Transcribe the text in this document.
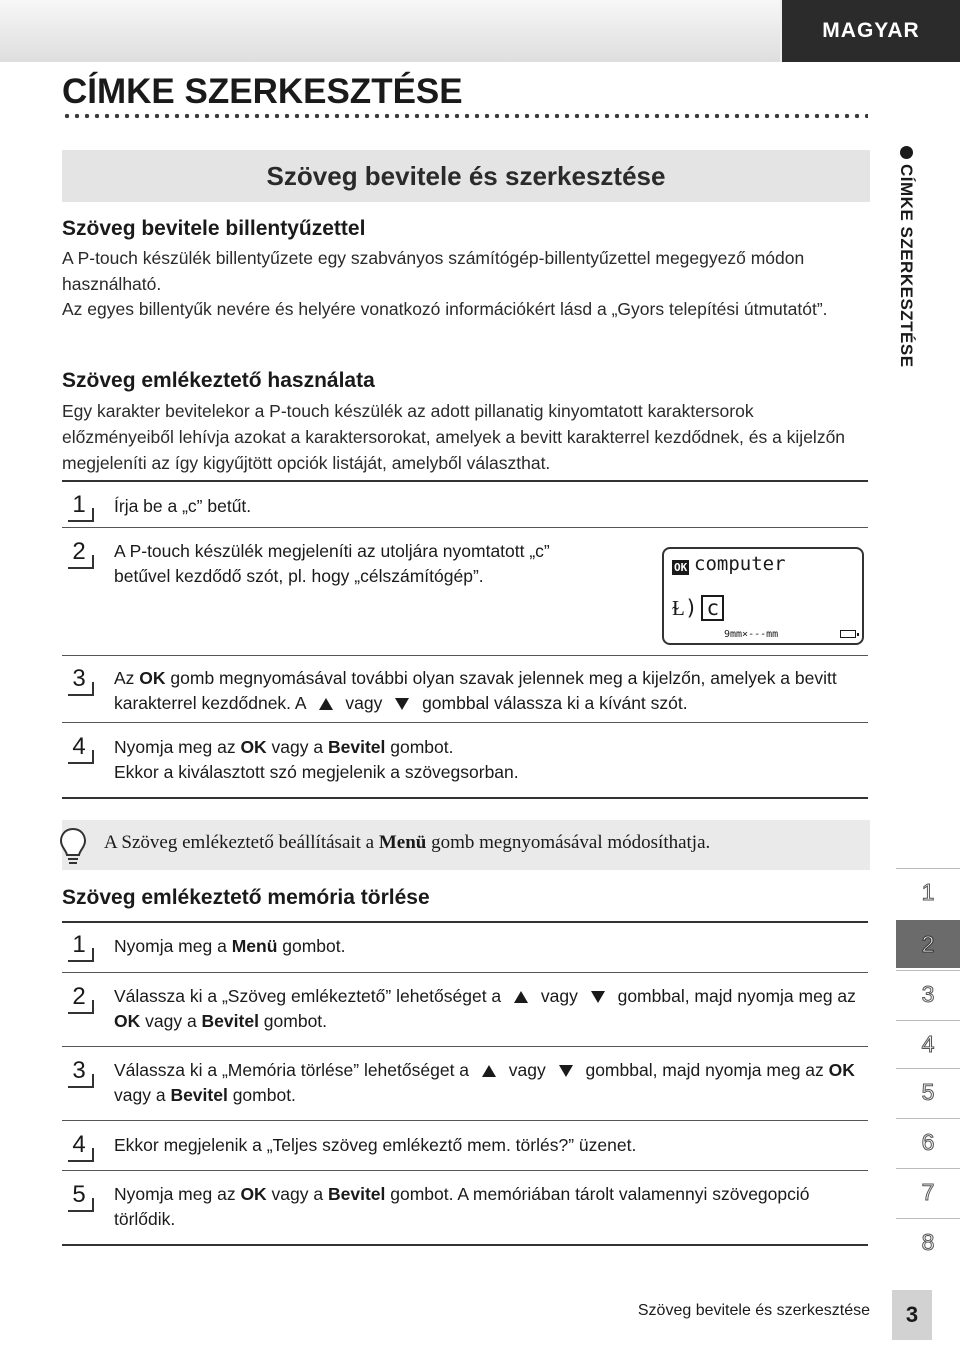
MAGYAR
CÍMKE SZERKESZTÉSE
Szöveg bevitele és szerkesztése
Szöveg bevitele billentyűzettel
A P-touch készülék billentyűzete egy szabványos számítógép-billentyűzettel megegyező módon használható.
Az egyes billentyűk nevére és helyére vonatkozó információkért lásd a „Gyors telepítési útmutatót”.
Szöveg emlékeztető használata
Egy karakter bevitelekor a P-touch készülék az adott pillanatig kinyomtatott karaktersorok előzményeiből lehívja azokat a karaktersorokat, amelyek a bevitt karakterrel kezdődnek, és a kijelzőn megjeleníti az így kigyűjtött opciók listáját, amelyből választhat.
1	Írja be a „c” betűt.
2	A P-touch készülék megjeleníti az utoljára nyomtatott „c” betűvel kezdődő szót, pl. hogy „célszámítógép”.	OK computer
Ɫ) c
9mm×---mm
3	Az OK gomb megnyomásával további olyan szavak jelennek meg a kijelzőn, amelyek a bevitt karakterrel kezdődnek. A  vagy  gombbal válassza ki a kívánt szót.
4	Nyomja meg az OK vagy a Bevitel gombot.
Ekkor a kiválasztott szó megjelenik a szövegsorban.
A Szöveg emlékeztető beállításait a Menü gomb megnyomásával módosíthatja.
Szöveg emlékeztető memória törlése
1	Nyomja meg a Menü gombot.
2	Válassza ki a „Szöveg emlékeztető” lehetőséget a  vagy  gombbal, majd nyomja meg az OK vagy a Bevitel gombot.
3	Válassza ki a „Memória törlése” lehetőséget a  vagy  gombbal, majd nyomja meg az OK vagy a Bevitel gombot.
4	Ekkor megjelenik a „Teljes szöveg emlékeztő mem. törlés?” üzenet.
5	Nyomja meg az OK vagy a Bevitel gombot. A memóriában tárolt valamennyi szövegopció törlődik.
CÍMKE SZERKESZTÉSE
1
2
3
4
5
6
7
8
Szöveg bevitele és szerkesztése	3
